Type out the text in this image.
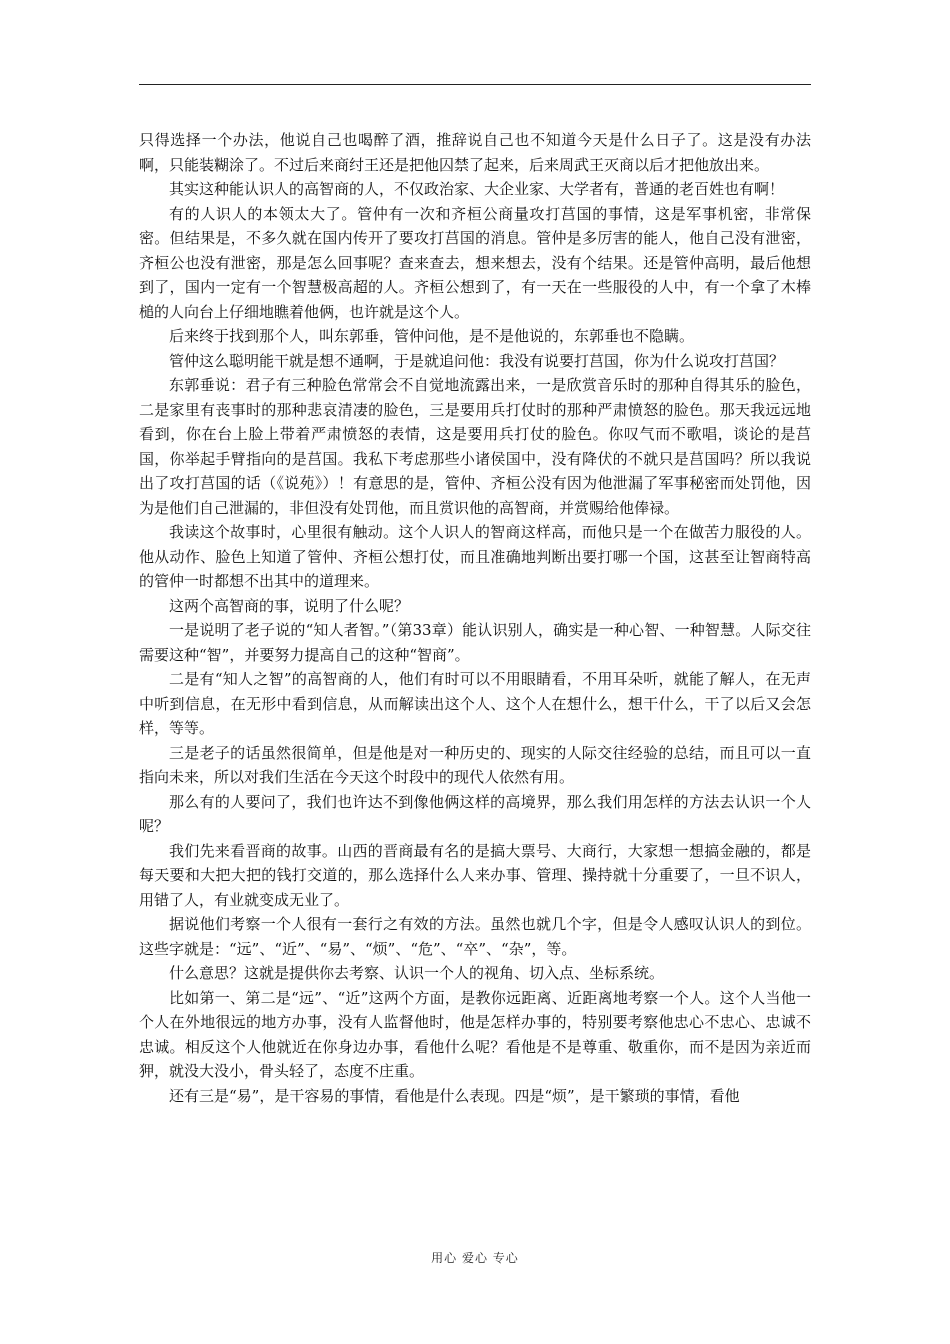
只得选择一个办法，他说自己也喝醉了酒，推辞说自己也不知道今天是什么日子了。这是没有办法啊，只能装糊涂了。不过后来商纣王还是把他囚禁了起来，后来周武王灭商以后才把他放出来。

其实这种能认识人的高智商的人，不仅政治家、大企业家、大学者有，普通的老百姓也有啊！

有的人识人的本领太大了。管仲有一次和齐桓公商量攻打莒国的事情，这是军事机密，非常保密。但结果是，不多久就在国内传开了要攻打莒国的消息。管仲是多厉害的能人，他自己没有泄密，齐桓公也没有泄密，那是怎么回事呢？查来查去，想来想去，没有个结果。还是管仲高明，最后他想到了，国内一定有一个智慧极高超的人。齐桓公想到了，有一天在一些服役的人中，有一个拿了木棒槌的人向台上仔细地瞧着他俩，也许就是这个人。

后来终于找到那个人，叫东郭垂，管仲问他，是不是他说的，东郭垂也不隐瞒。

管仲这么聪明能干就是想不通啊，于是就追问他：我没有说要打莒国，你为什么说攻打莒国？

东郭垂说：君子有三种脸色常常会不自觉地流露出来，一是欣赏音乐时的那种自得其乐的脸色，二是家里有丧事时的那种悲哀清凄的脸色，三是要用兵打仗时的那种严肃愤怒的脸色。那天我远远地看到，你在台上脸上带着严肃愤怒的表情，这是要用兵打仗的脸色。你叹气而不歌唱，谈论的是莒国，你举起手臂指向的是莒国。我私下考虑那些小诸侯国中，没有降伏的不就只是莒国吗？所以我说出了攻打莒国的话（《说苑》）！有意思的是，管仲、齐桓公没有因为他泄漏了军事秘密而处罚他，因为是他们自己泄漏的，非但没有处罚他，而且赏识他的高智商，并赏赐给他俸禄。

我读这个故事时，心里很有触动。这个人识人的智商这样高，而他只是一个在做苦力服役的人。他从动作、脸色上知道了管仲、齐桓公想打仗，而且准确地判断出要打哪一个国，这甚至让智商特高的管仲一时都想不出其中的道理来。

这两个高智商的事，说明了什么呢？

一是说明了老子说的“知人者智。”（第33章）能认识别人，确实是一种心智、一种智慧。人际交往需要这种“智”，并要努力提高自己的这种“智商”。

二是有“知人之智”的高智商的人，他们有时可以不用眼睛看，不用耳朵听，就能了解人，在无声中听到信息，在无形中看到信息，从而解读出这个人、这个人在想什么，想干什么，干了以后又会怎样，等等。

三是老子的话虽然很简单，但是他是对一种历史的、现实的人际交往经验的总结，而且可以一直指向未来，所以对我们生活在今天这个时段中的现代人依然有用。

那么有的人要问了，我们也许达不到像他俩这样的高境界，那么我们用怎样的方法去认识一个人呢？

我们先来看晋商的故事。山西的晋商最有名的是搞大票号、大商行，大家想一想搞金融的，都是每天要和大把大把的钱打交道的，那么选择什么人来办事、管理、操持就十分重要了，一旦不识人，用错了人，有业就变成无业了。

据说他们考察一个人很有一套行之有效的方法。虽然也就几个字，但是令人感叹认识人的到位。这些字就是：“远”、“近”、“易”、“烦”、“危”、“卒”、“杂”，等。

什么意思？这就是提供你去考察、认识一个人的视角、切入点、坐标系统。

比如第一、第二是“远”、“近”这两个方面，是教你远距离、近距离地考察一个人。这个人当他一个人在外地很远的地方办事，没有人监督他时，他是怎样办事的，特别要考察他忠心不忠心、忠诚不忠诚。相反这个人他就近在你身边办事，看他什么呢？看他是不是尊重、敬重你，而不是因为亲近而狎，就没大没小，骨头轻了，态度不庄重。

还有三是“易”，是干容易的事情，看他是什么表现。四是“烦”，是干繁琐的事情，看他

用心 爱心 专心
